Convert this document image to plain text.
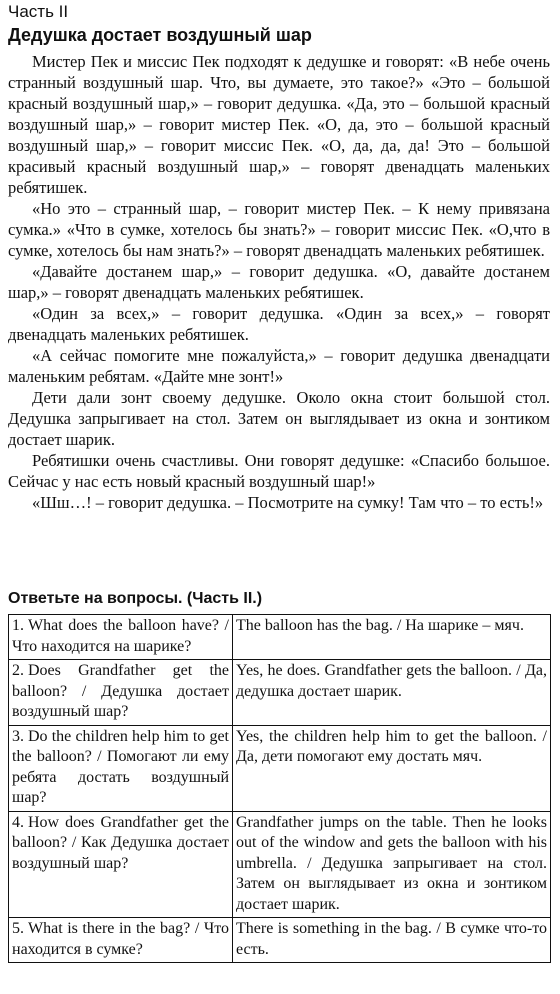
Часть II
Дедушка достает воздушный шар

Мистер Пек и миссис Пек подходят к дедушке и говорят: «В небе очень странный воздушный шар. Что, вы думаете, это такое?» «Это – большой красный воздушный шар,» – говорит дедушка. «Да, это – большой красный воздушный шар,» – говорит мистер Пек. «О, да, это – большой красный воздушный шар,» – говорит миссис Пек. «О, да, да, да! Это – большой красивый красный воздушный шар,» – говорят двенадцать маленьких ребятишек.

«Но это – странный шар, – говорит мистер Пек. – К нему привязана сумка.» «Что в сумке, хотелось бы знать?» – говорит миссис Пек. «О,что в сумке, хотелось бы нам знать?» – говорят двенадцать маленьких ребятишек.

«Давайте достанем шар,» – говорит дедушка. «О, давайте достанем шар,» – говорят двенадцать маленьких ребятишек.

«Один за всех,» – говорит дедушка. «Один за всех,» – говорят двенадцать маленьких ребятишек.

«А сейчас помогите мне пожалуйста,» – говорит дедушка двенадцати маленьким ребятам. «Дайте мне зонт!»

Дети дали зонт своему дедушке. Около окна стоит большой стол. Дедушка запрыгивает на стол. Затем он выглядывает из окна и зонтиком достает шарик.

Ребятишки очень счастливы. Они говорят дедушке: «Спасибо большое. Сейчас у нас есть новый красный воздушный шар!»

«Шш…! – говорит дедушка. – Посмотрите на сумку! Там что – то есть!»

Ответьте на вопросы. (Часть II.)
1. What does the balloon have? / Что находится на шарике?	The balloon has the bag. / На шарике – мяч.
2. Does Grandfather get the balloon? / Дедушка достает воздушный шар?	Yes, he does. Grandfather gets the balloon. / Да, дедушка достает шарик.
3. Do the children help him to get the balloon? / Помогают ли ему ребята достать воздушный шар?	Yes, the children help him to get the balloon. / Да, дети помогают ему достать мяч.
4. How does Grandfather get the balloon? / Как Дедушка достает воздушный шар?	Grandfather jumps on the table. Then he looks out of the window and gets the balloon with his umbrella. / Дедушка запрыгивает на стол. Затем он выглядывает из окна и зонтиком достает шарик.
5. What is there in the bag? / Что находится в сумке?	There is something in the bag. / В сумке что-то есть.
